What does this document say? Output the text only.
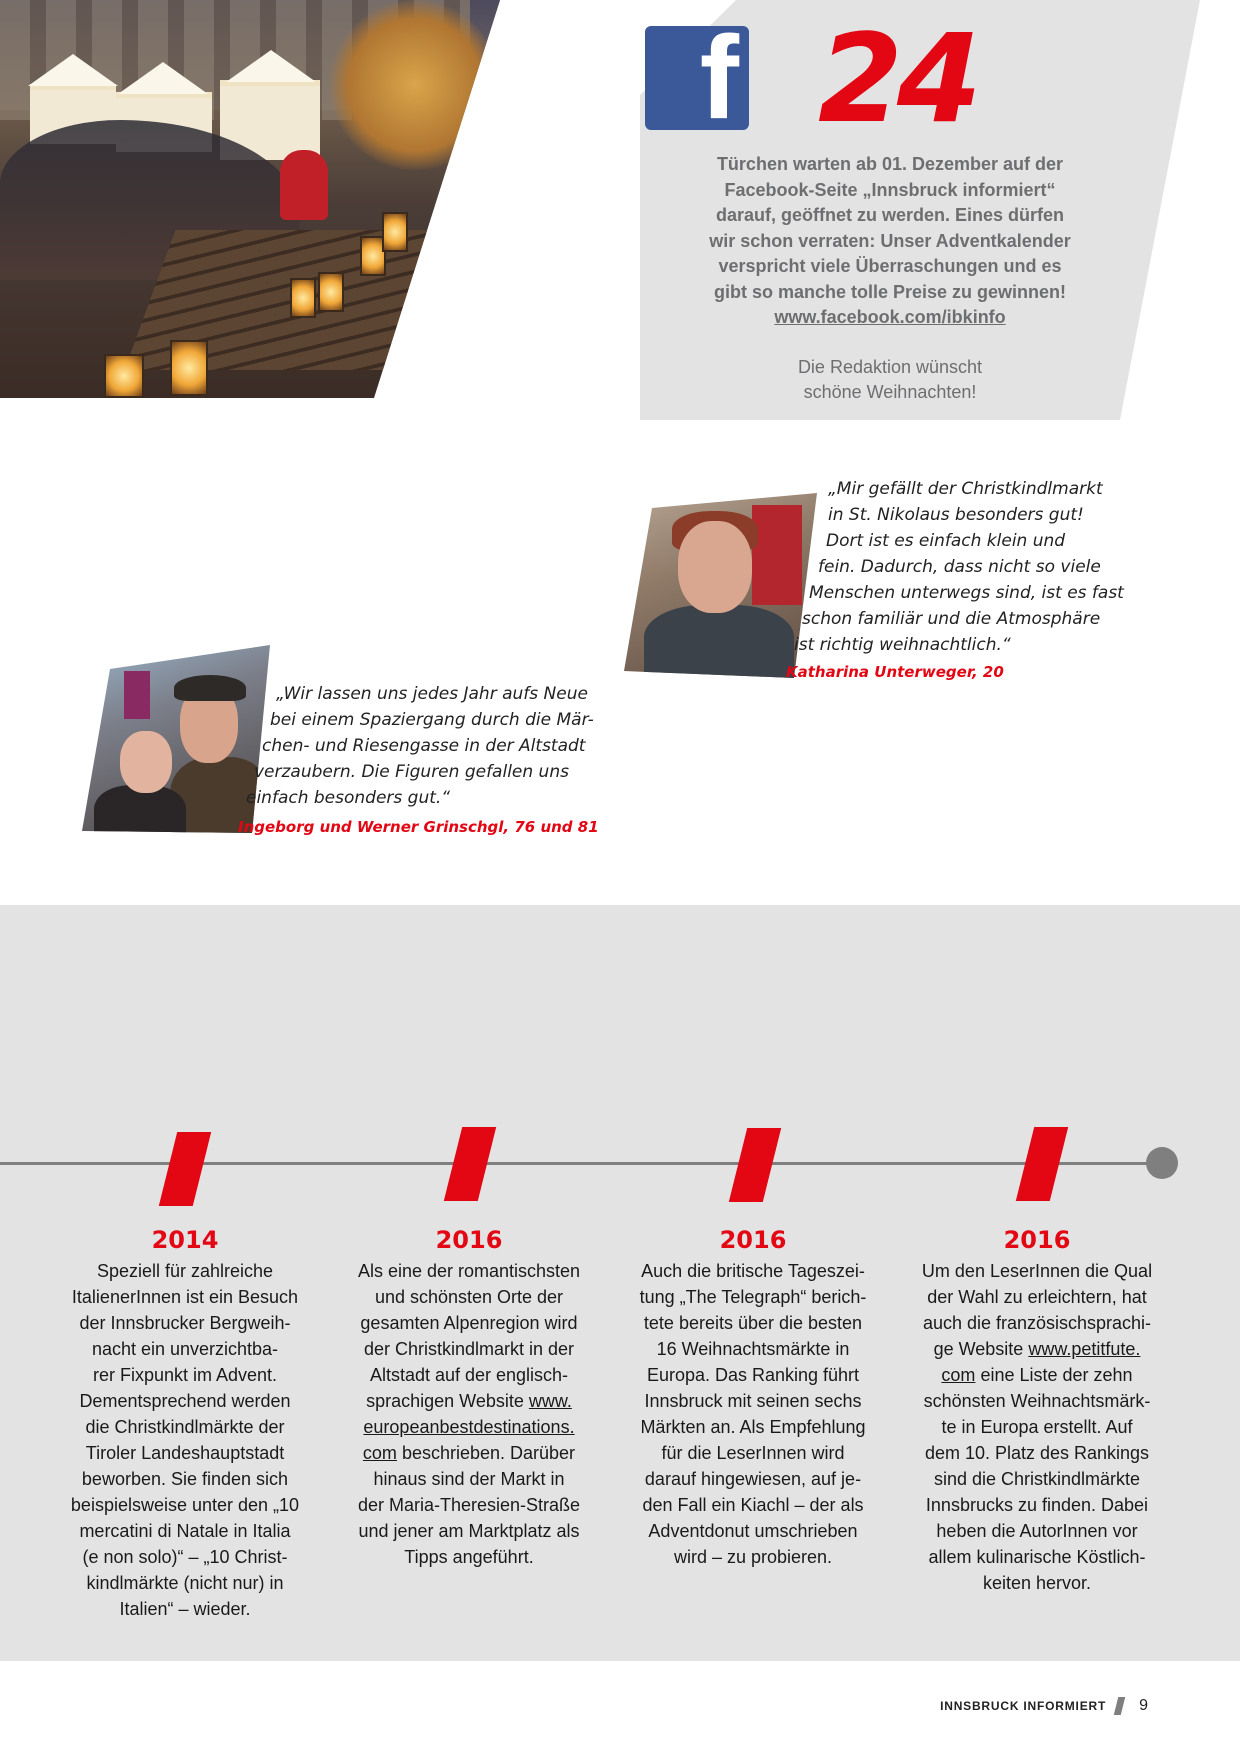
f 24
Türchen warten ab 01. Dezember auf der
Facebook-Seite „Innsbruck informiert“
darauf, geöffnet zu werden. Eines dürfen
wir schon verraten: Unser Adventkalender
verspricht viele Überraschungen und es
gibt so manche tolle Preise zu gewinnen!
www.facebook.com/ibkinfo
Die Redaktion wünscht
schöne Weihnachten!
„Mir gefällt der Christkindlmarkt
in St. Nikolaus besonders gut!
Dort ist es einfach klein und
fein. Dadurch, dass nicht so viele
Menschen unterwegs sind, ist es fast
schon familiär und die Atmosphäre
ist richtig weihnachtlich.“
Katharina Unterweger, 20
„Wir lassen uns jedes Jahr aufs Neue
bei einem Spaziergang durch die Mär-
chen- und Riesengasse in der Altstadt
verzaubern. Die Figuren gefallen uns
einfach besonders gut.“
Ingeborg und Werner Grinschgl, 76 und 81
2014
Speziell für zahlreiche
ItalienerInnen ist ein Besuch
der Innsbrucker Bergweih-
nacht ein unverzichtba-
rer Fixpunkt im Advent.
Dementsprechend werden
die Christkindlmärkte der
Tiroler Landeshauptstadt
beworben. Sie finden sich
beispielsweise unter den „10
mercatini di Natale in Italia
(e non solo)“ – „10 Christ-
kindlmärkte (nicht nur) in
Italien“ – wieder.
2016
Als eine der romantischsten
und schönsten Orte der
gesamten Alpenregion wird
der Christkindlmarkt in der
Altstadt auf der englisch-
sprachigen Website www.
europeanbestdestinations.
com beschrieben. Darüber
hinaus sind der Markt in
der Maria-Theresien-Straße
und jener am Marktplatz als
Tipps angeführt.
2016
Auch die britische Tageszei-
tung „The Telegraph“ berich-
tete bereits über die besten
16 Weihnachtsmärkte in
Europa. Das Ranking führt
Innsbruck mit seinen sechs
Märkten an. Als Empfehlung
für die LeserInnen wird
darauf hingewiesen, auf je-
den Fall ein Kiachl – der als
Adventdonut umschrieben
wird – zu probieren.
2016
Um den LeserInnen die Qual
der Wahl zu erleichtern, hat
auch die französischsprachi-
ge Website www.petitfute.
com eine Liste der zehn
schönsten Weihnachtsmärk-
te in Europa erstellt. Auf
dem 10. Platz des Rankings
sind die Christkindlmärkte
Innsbrucks zu finden. Dabei
heben die AutorInnen vor
allem kulinarische Köstlich-
keiten hervor.
INNSBRUCK INFORMIERT 9
